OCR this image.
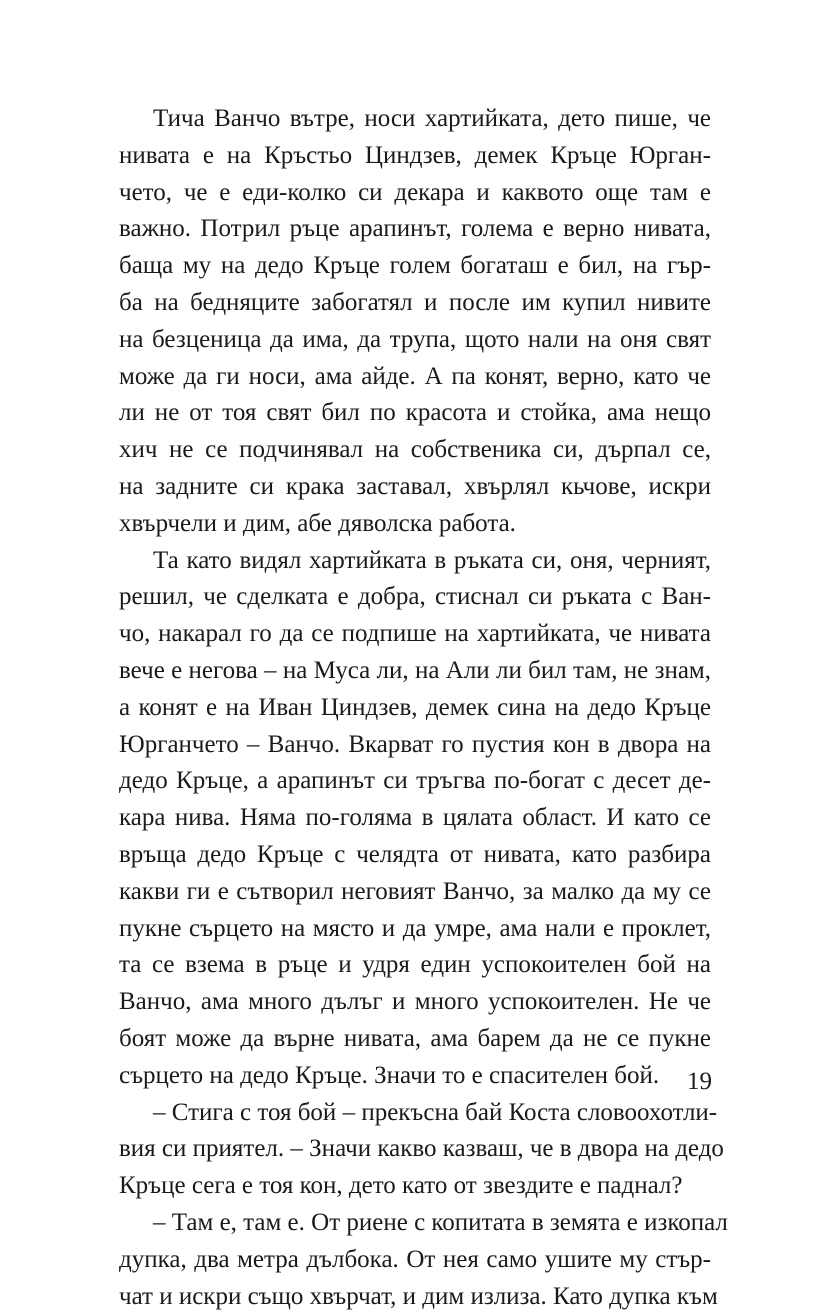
Тича Ванчо вътре, носи хартийката, дето пише, че
нивата е на Кръстьо Циндзев, демек Кръце Юрган-
чето, че е еди-колко си декара и каквото още там е
важно. Потрил ръце арапинът, голема е верно нивата,
баща му на дедо Кръце голем богаташ е бил, на гър-
ба на бедняците забогатял и после им купил нивите
на безценица да има, да трупа, щото нали на оня свят
може да ги носи, ама айде. А па конят, верно, като че
ли не от тоя свят бил по красота и стойка, ама нещо
хич не се подчинявал на собственика си, дърпал се,
на задните си крака заставал, хвърлял кьчове, искри
хвърчели и дим, абе дяволска работа.
Та като видял хартийката в ръката си, оня, черният,
решил, че сделката е добра, стиснал си ръката с Ван-
чо, накарал го да се подпише на хартийката, че нивата
вече е негова – на Муса ли, на Али ли бил там, не знам,
а конят е на Иван Циндзев, демек сина на дедо Кръце
Юрганчето – Ванчо. Вкарват го пустия кон в двора на
дедо Кръце, а арапинът си тръгва по-богат с десет де-
кара нива. Няма по-голяма в цялата област. И като се
връща дедо Кръце с челядта от нивата, като разбира
какви ги е сътворил неговият Ванчо, за малко да му се
пукне сърцето на място и да умре, ама нали е проклет,
та се взема в ръце и удря един успокоителен бой на
Ванчо, ама много дълъг и много успокоителен. Не че
боят може да върне нивата, ама барем да не се пукне
сърцето на дедо Кръце. Значи то е спасителен бой.
– Стига с тоя бой – прекъсна бай Коста словоохотли-
вия си приятел. – Значи какво казваш, че в двора на дедо
Кръце сега е тоя кон, дето като от звездите е паднал?
– Там е, там е. От риене с копитата в земята е изкопал
дупка, два метра дълбока. От нея само ушите му стър-
чат и искри също хвърчат, и дим излиза. Като дупка към
19
